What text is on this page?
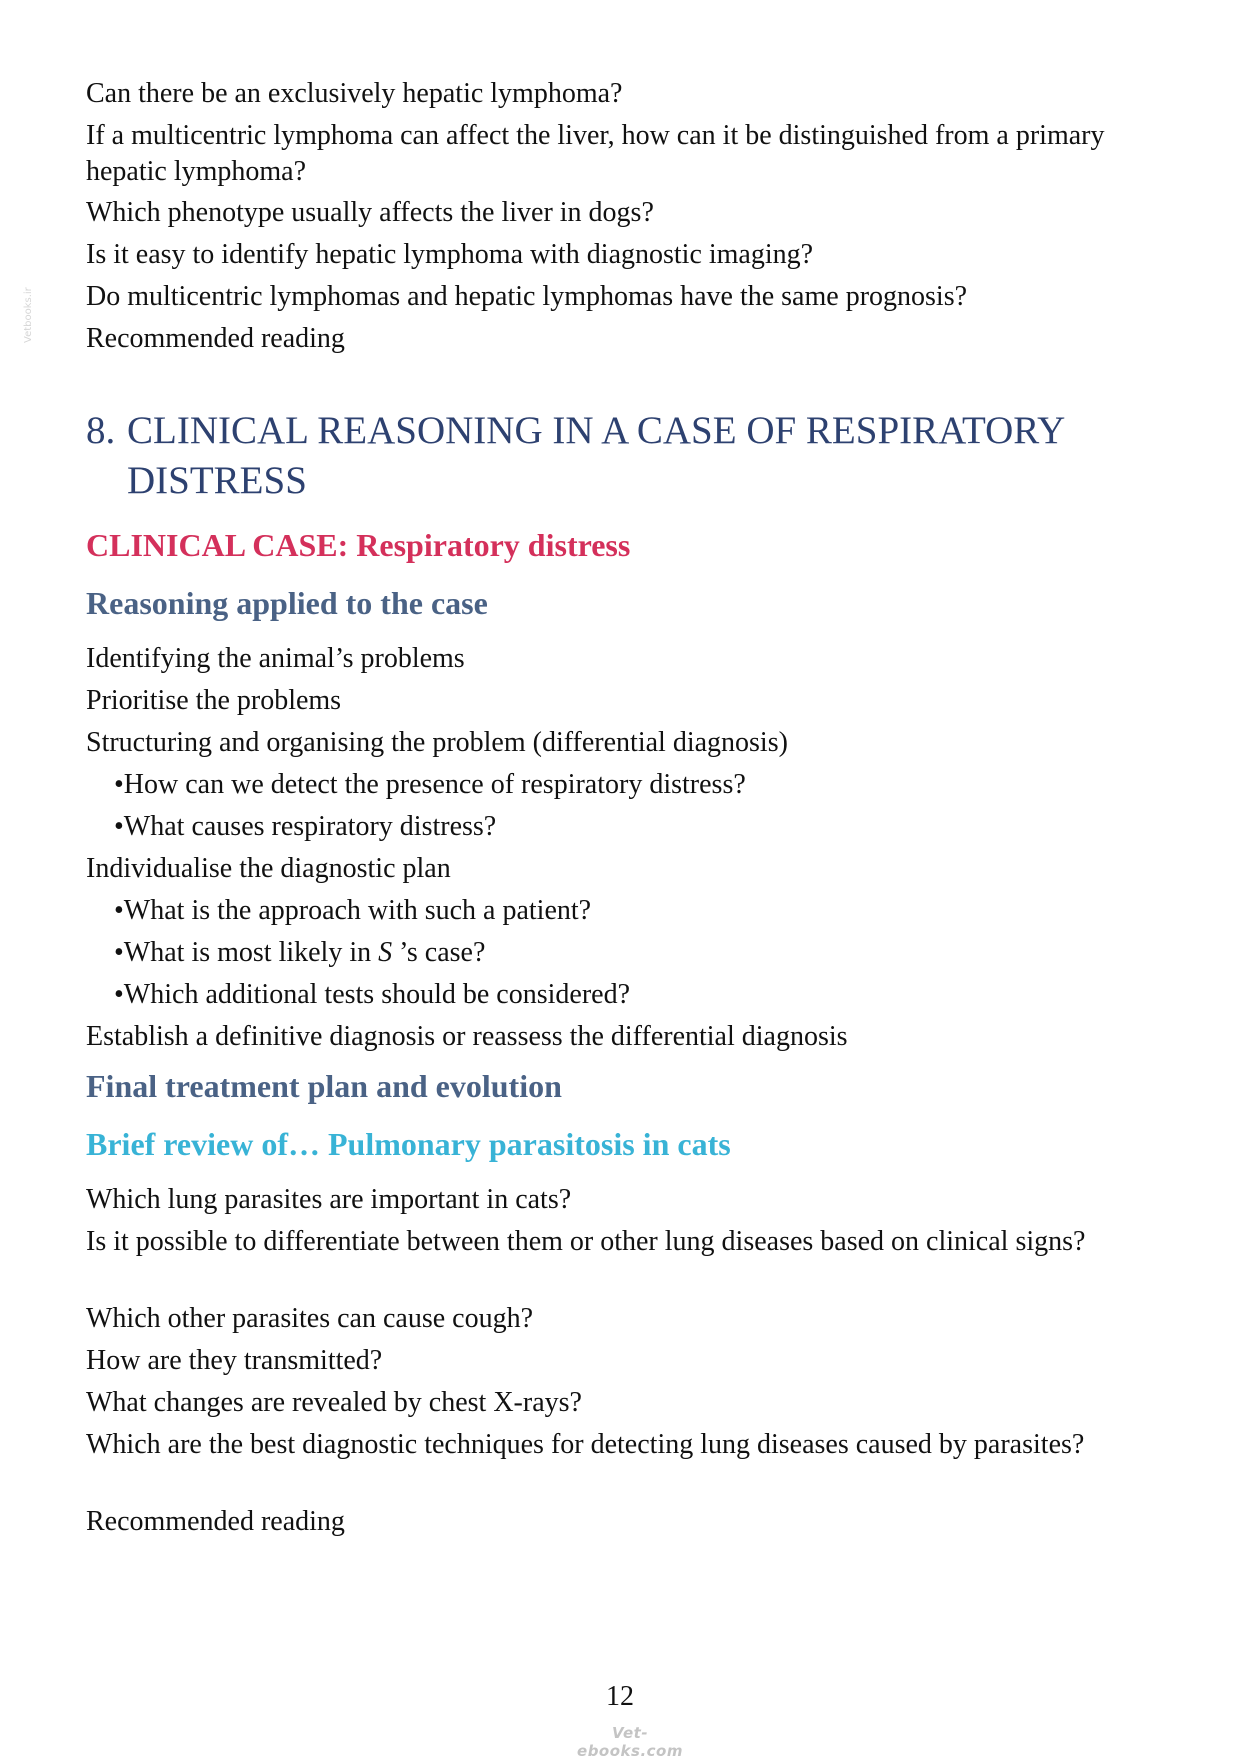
Vetbooks.ir

Can there be an exclusively hepatic lymphoma?

If a multicentric lymphoma can affect the liver, how can it be distinguished from a primary hepatic lymphoma?

Which phenotype usually affects the liver in dogs?

Is it easy to identify hepatic lymphoma with diagnostic imaging?

Do multicentric lymphomas and hepatic lymphomas have the same prognosis?

Recommended reading

8. CLINICAL REASONING IN A CASE OF RESPIRATORY DISTRESS
CLINICAL CASE: Respiratory distress
Reasoning applied to the case

Identifying the animal’s problems

Prioritise the problems

Structuring and organising the problem (differential diagnosis)

•How can we detect the presence of respiratory distress?

•What causes respiratory distress?

Individualise the diagnostic plan

•What is the approach with such a patient?

•What is most likely in S ’s case?

•Which additional tests should be considered?

Establish a definitive diagnosis or reassess the differential diagnosis

Final treatment plan and evolution
Brief review of… Pulmonary parasitosis in cats

Which lung parasites are important in cats?

Is it possible to differentiate between them or other lung diseases based on clinical signs?

Which other parasites can cause cough?

How are they transmitted?

What changes are revealed by chest X-rays?

Which are the best diagnostic techniques for detecting lung diseases caused by parasites?

Recommended reading

12
Vet-ebooks.com
